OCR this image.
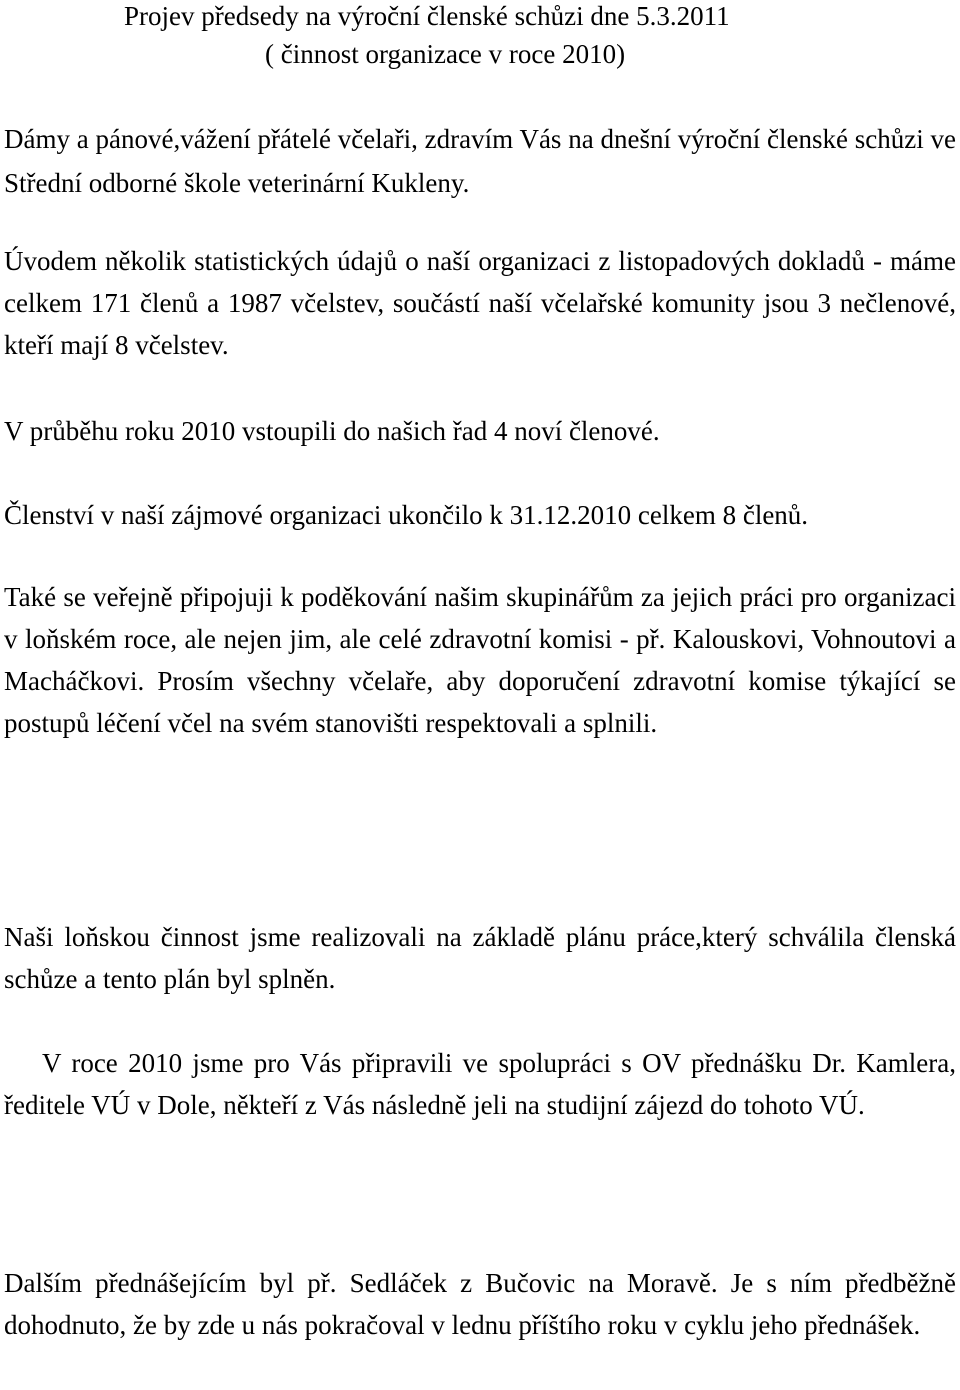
Projev předsedy na výroční členské schůzi dne 5.3.2011
( činnost organizace v roce 2010)

Dámy a pánové,vážení přátelé včelaři, zdravím Vás na dnešní výroční členské schůzi ve Střední odborné škole veterinární Kukleny.

Úvodem několik statistických údajů o naší organizaci z listopadových dokladů - máme celkem 171 členů a 1987 včelstev, součástí naší včelařské komunity jsou 3 nečlenové, kteří mají 8 včelstev.

V průběhu roku 2010 vstoupili do našich řad 4 noví členové.

Členství v naší zájmové organizaci ukončilo k 31.12.2010 celkem 8 členů.

Také se veřejně připojuji k poděkování našim skupinářům za jejich práci pro organizaci v loňském roce, ale nejen jim, ale celé zdravotní komisi - př. Kalouskovi, Vohnoutovi a Macháčkovi. Prosím všechny včelaře, aby doporučení zdravotní komise týkající se postupů léčení včel na svém stanovišti respektovali a splnili.

Naši loňskou činnost jsme realizovali na základě plánu práce,který schválila členská schůze a tento plán byl splněn.

V roce 2010 jsme pro Vás připravili ve spolupráci s OV přednášku Dr. Kamlera, ředitele VÚ v Dole, někteří z Vás následně jeli na studijní zájezd do tohoto VÚ.

Dalším přednášejícím byl př. Sedláček z Bučovic na Moravě. Je s ním předběžně dohodnuto, že by zde u nás pokračoval v lednu příštího roku v cyklu jeho přednášek.
